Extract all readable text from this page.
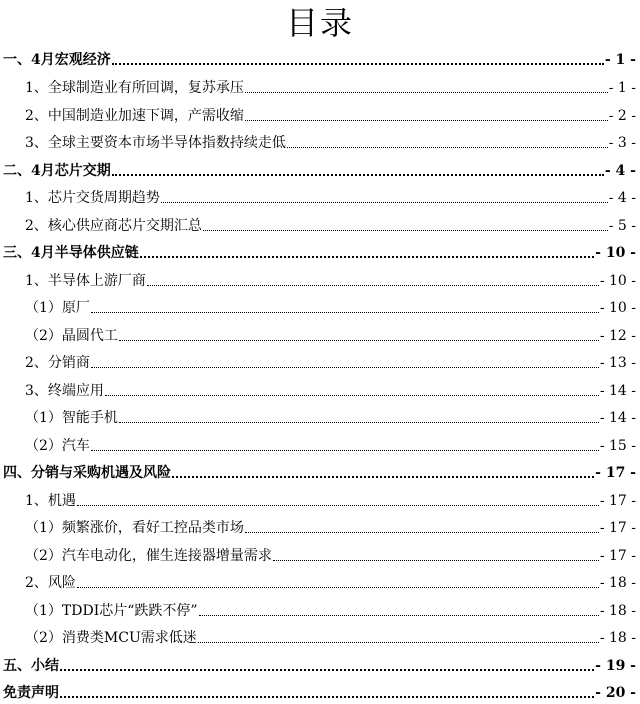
目录
一、4月宏观经济	- 1 -
1、全球制造业有所回调，复苏承压	- 1 -
2、中国制造业加速下调，产需收缩	- 2 -
3、全球主要资本市场半导体指数持续走低	- 3 -
二、4月芯片交期	- 4 -
1、芯片交货周期趋势	- 4 -
2、核心供应商芯片交期汇总	- 5 -
三、4月半导体供应链	- 10 -
1、半导体上游厂商	- 10 -
（1）原厂	- 10 -
（2）晶圆代工	- 12 -
2、分销商	- 13 -
3、终端应用	- 14 -
（1）智能手机	- 14 -
（2）汽车	- 15 -
四、分销与采购机遇及风险	- 17 -
1、机遇	- 17 -
（1）频繁涨价，看好工控品类市场	- 17 -
（2）汽车电动化，催生连接器增量需求	- 17 -
2、风险	- 18 -
（1）TDDI芯片“跌跌不停”	- 18 -
（2）消费类MCU需求低迷	- 18 -
五、小结	- 19 -
免责声明	- 20 -
